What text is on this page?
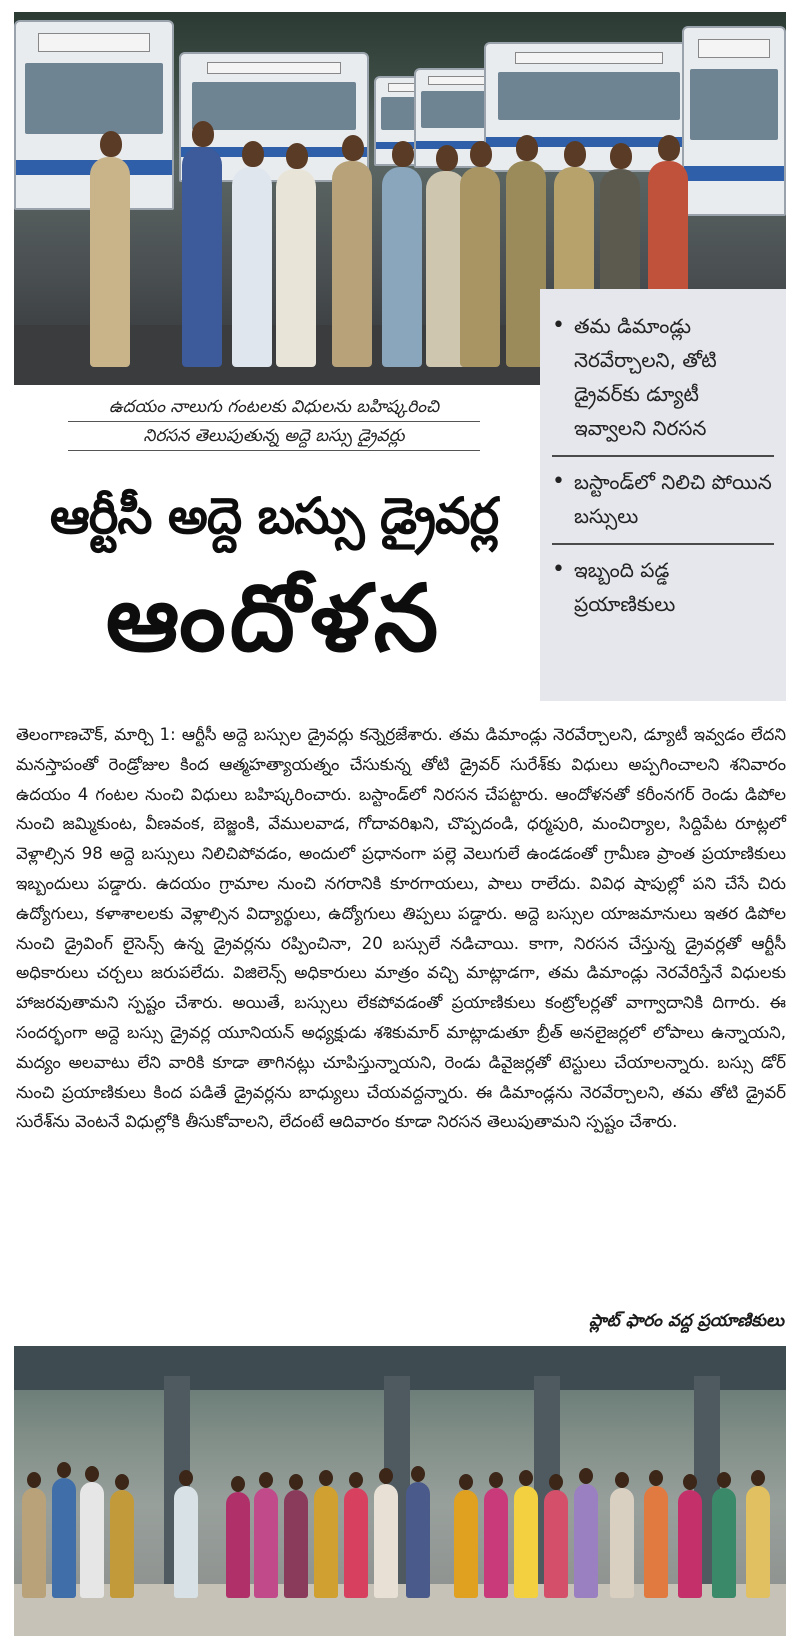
• తమ డిమాండ్లు నెరవేర్చాలని, తోటి డ్రైవర్‌కు డ్యూటీ ఇవ్వాలని నిరసన
• బస్టాండ్‌లో నిలిచి పోయిన బస్సులు
• ఇబ్బంది పడ్డ ప్రయాణికులు
ఉదయం నాలుగు గంటలకు విధులను బహిష్కరించి
నిరసన తెలుపుతున్న అద్దె బస్సు డ్రైవర్లు
ఆర్టీసీ అద్దె బస్సు డ్రైవర్ల
ఆందోళన
తెలంగాణచౌక్, మార్చి 1: ఆర్టీసీ అద్దె బస్సుల డ్రైవర్లు కన్నెర్రజేశారు. తమ డిమాండ్లు నెరవేర్చాలని, డ్యూటీ ఇవ్వడం లేదని మనస్తాపంతో రెండ్రోజుల కింద ఆత్మహత్యాయత్నం చేసుకున్న తోటి డ్రైవర్ సురేశ్‌కు విధులు అప్పగించాలని శనివారం ఉదయం 4 గంటల నుంచి విధులు బహిష్కరించారు. బస్టాండ్‌లో నిరసన చేపట్టారు. ఆందోళనతో కరీంనగర్ రెండు డిపోల నుంచి జమ్మికుంట, వీణవంక, బెజ్జంకి, వేములవాడ, గోదావరిఖని, చొప్పదండి, ధర్మపురి, మంచిర్యాల, సిద్దిపేట రూట్లలో వెళ్లాల్సిన 98 అద్దె బస్సులు నిలిచిపోవడం, అందులో ప్రధానంగా పల్లె వెలుగులే ఉండడంతో గ్రామీణ ప్రాంత ప్రయాణికులు ఇబ్బందులు పడ్డారు. ఉదయం గ్రామాల నుంచి నగరానికి కూరగాయలు, పాలు రాలేదు. వివిధ షాపుల్లో పని చేసే చిరు ఉద్యోగులు, కళాశాలలకు వెళ్లాల్సిన విద్యార్థులు, ఉద్యోగులు తిప్పలు పడ్డారు. అద్దె బస్సుల యాజమానులు ఇతర డిపోల నుంచి డ్రైవింగ్ లైసెన్స్ ఉన్న డ్రైవర్లను రప్పించినా, 20 బస్సులే నడిచాయి. కాగా, నిరసన చేస్తున్న డ్రైవర్లతో ఆర్టీసీ అధికారులు చర్చలు జరుపలేదు. విజిలెన్స్ అధికారులు మాత్రం వచ్చి మాట్లాడగా, తమ డిమాండ్లు నెరవేరిస్తేనే విధులకు హాజరవుతామని స్పష్టం చేశారు. అయితే, బస్సులు లేకపోవడంతో ప్రయాణికులు కంట్రోలర్లతో వాగ్వాదానికి దిగారు. ఈ సందర్భంగా అద్దె బస్సు డ్రైవర్ల యూనియన్ అధ్యక్షుడు శశికుమార్ మాట్లాడుతూ బ్రీత్ అనలైజర్లలో లోపాలు ఉన్నాయని, మద్యం అలవాటు లేని వారికి కూడా తాగినట్లు చూపిస్తున్నాయని, రెండు డివైజర్లతో టెస్టులు చేయాలన్నారు. బస్సు డోర్ నుంచి ప్రయాణికులు కింద పడితే డ్రైవర్లను బాధ్యులు చేయవద్దన్నారు. ఈ డిమాండ్లను నెరవేర్చాలని, తమ తోటి డ్రైవర్ సురేశ్‌ను వెంటనే విధుల్లోకి తీసుకోవాలని, లేదంటే ఆదివారం కూడా నిరసన తెలుపుతామని స్పష్టం చేశారు.
ప్లాట్ ఫారం వద్ద ప్రయాణికులు
